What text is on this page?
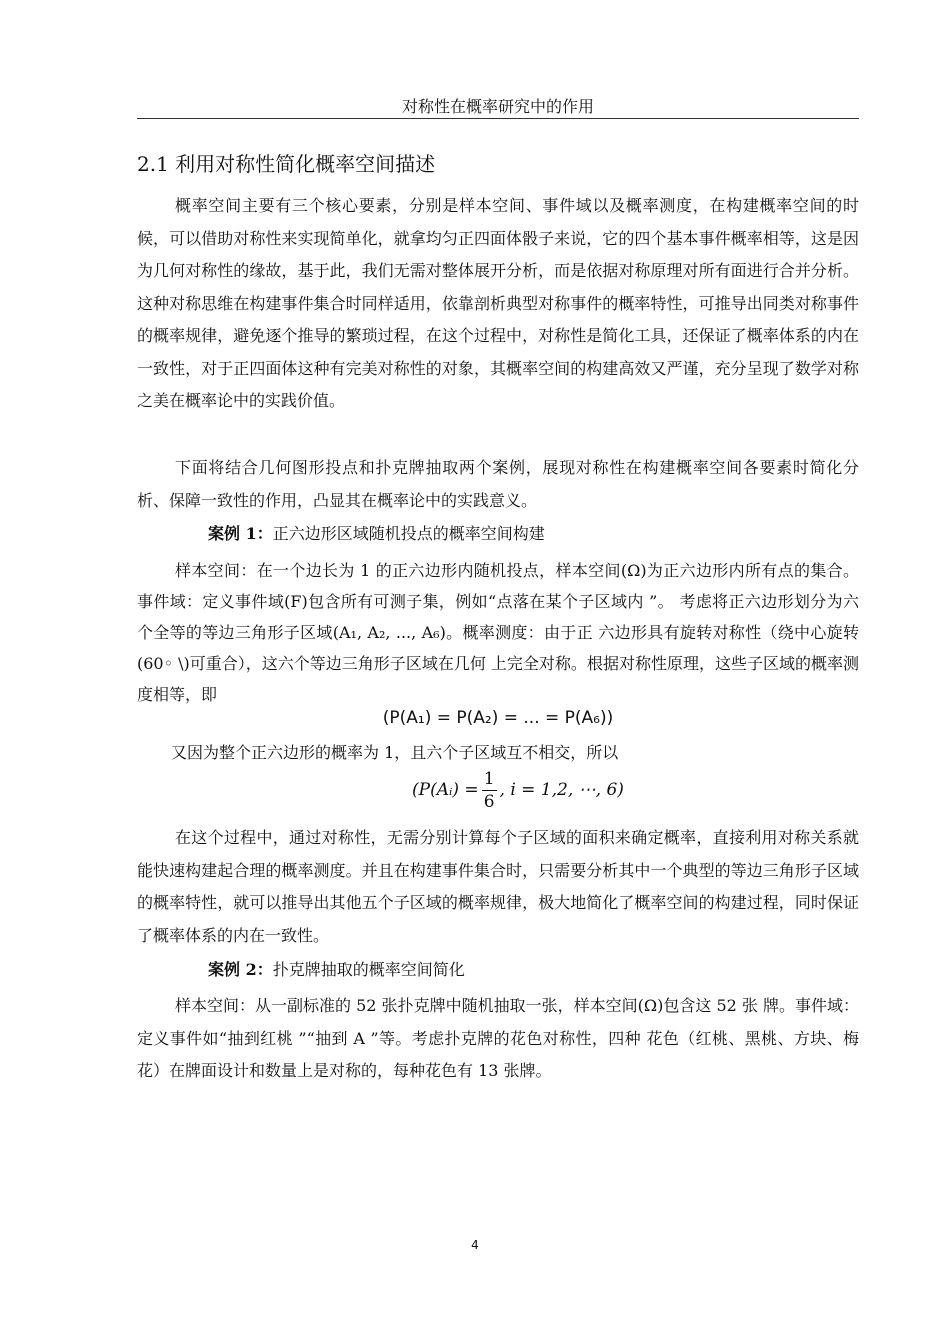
对称性在概率研究中的作用
2.1 利用对称性简化概率空间描述

概率空间主要有三个核心要素，分别是样本空间、事件域以及概率测度，在构建概率空间的时候，可以借助对称性来实现简单化，就拿均匀正四面体骰子来说，它的四个基本事件概率相等，这是因为几何对称性的缘故，基于此，我们无需对整体展开分析，而是依据对称原理对所有面进行合并分析。这种对称思维在构建事件集合时同样适用，依靠剖析典型对称事件的概率特性，可推导出同类对称事件的概率规律，避免逐个推导的繁琐过程，在这个过程中，对称性是简化工具，还保证了概率体系的内在一致性，对于正四面体这种有完美对称性的对象，其概率空间的构建高效又严谨，充分呈现了数学对称之美在概率论中的实践价值。

下面将结合几何图形投点和扑克牌抽取两个案例，展现对称性在构建概率空间各要素时简化分析、保障一致性的作用，凸显其在概率论中的实践意义。

案例 1：正六边形区域随机投点的概率空间构建

样本空间：在一个边长为 1 的正六边形内随机投点，样本空间(Ω)为正六边形内所有点的集合。事件域：定义事件域(F)包含所有可测子集，例如“点落在某个子区域内 ”。 考虑将正六边形划分为六个全等的等边三角形子区域(A₁, A₂, ..., A₆)。概率测度：由于正 六边形具有旋转对称性（绕中心旋转(60◦ \)可重合），这六个等边三角形子区域在几何 上完全对称。根据对称性原理，这些子区域的概率测度相等，即

(P(A₁) = P(A₂) = ... = P(A₆))

又因为整个正六边形的概率为 1，且六个子区域互不相交，所以

(P(Aᵢ) = $\frac{1}{6}$ , i = 1,2, ⋯, 6)

在这个过程中，通过对称性，无需分别计算每个子区域的面积来确定概率，直接利用对称关系就能快速构建起合理的概率测度。并且在构建事件集合时，只需要分析其中一个典型的等边三角形子区域的概率特性，就可以推导出其他五个子区域的概率规律，极大地简化了概率空间的构建过程，同时保证了概率体系的内在一致性。

案例 2：扑克牌抽取的概率空间简化

样本空间：从一副标准的 52 张扑克牌中随机抽取一张，样本空间(Ω)包含这 52 张 牌。事件域：定义事件如“抽到红桃 ”“抽到 A ”等。考虑扑克牌的花色对称性，四种 花色（红桃、黑桃、方块、梅花）在牌面设计和数量上是对称的，每种花色有 13 张牌。

4
